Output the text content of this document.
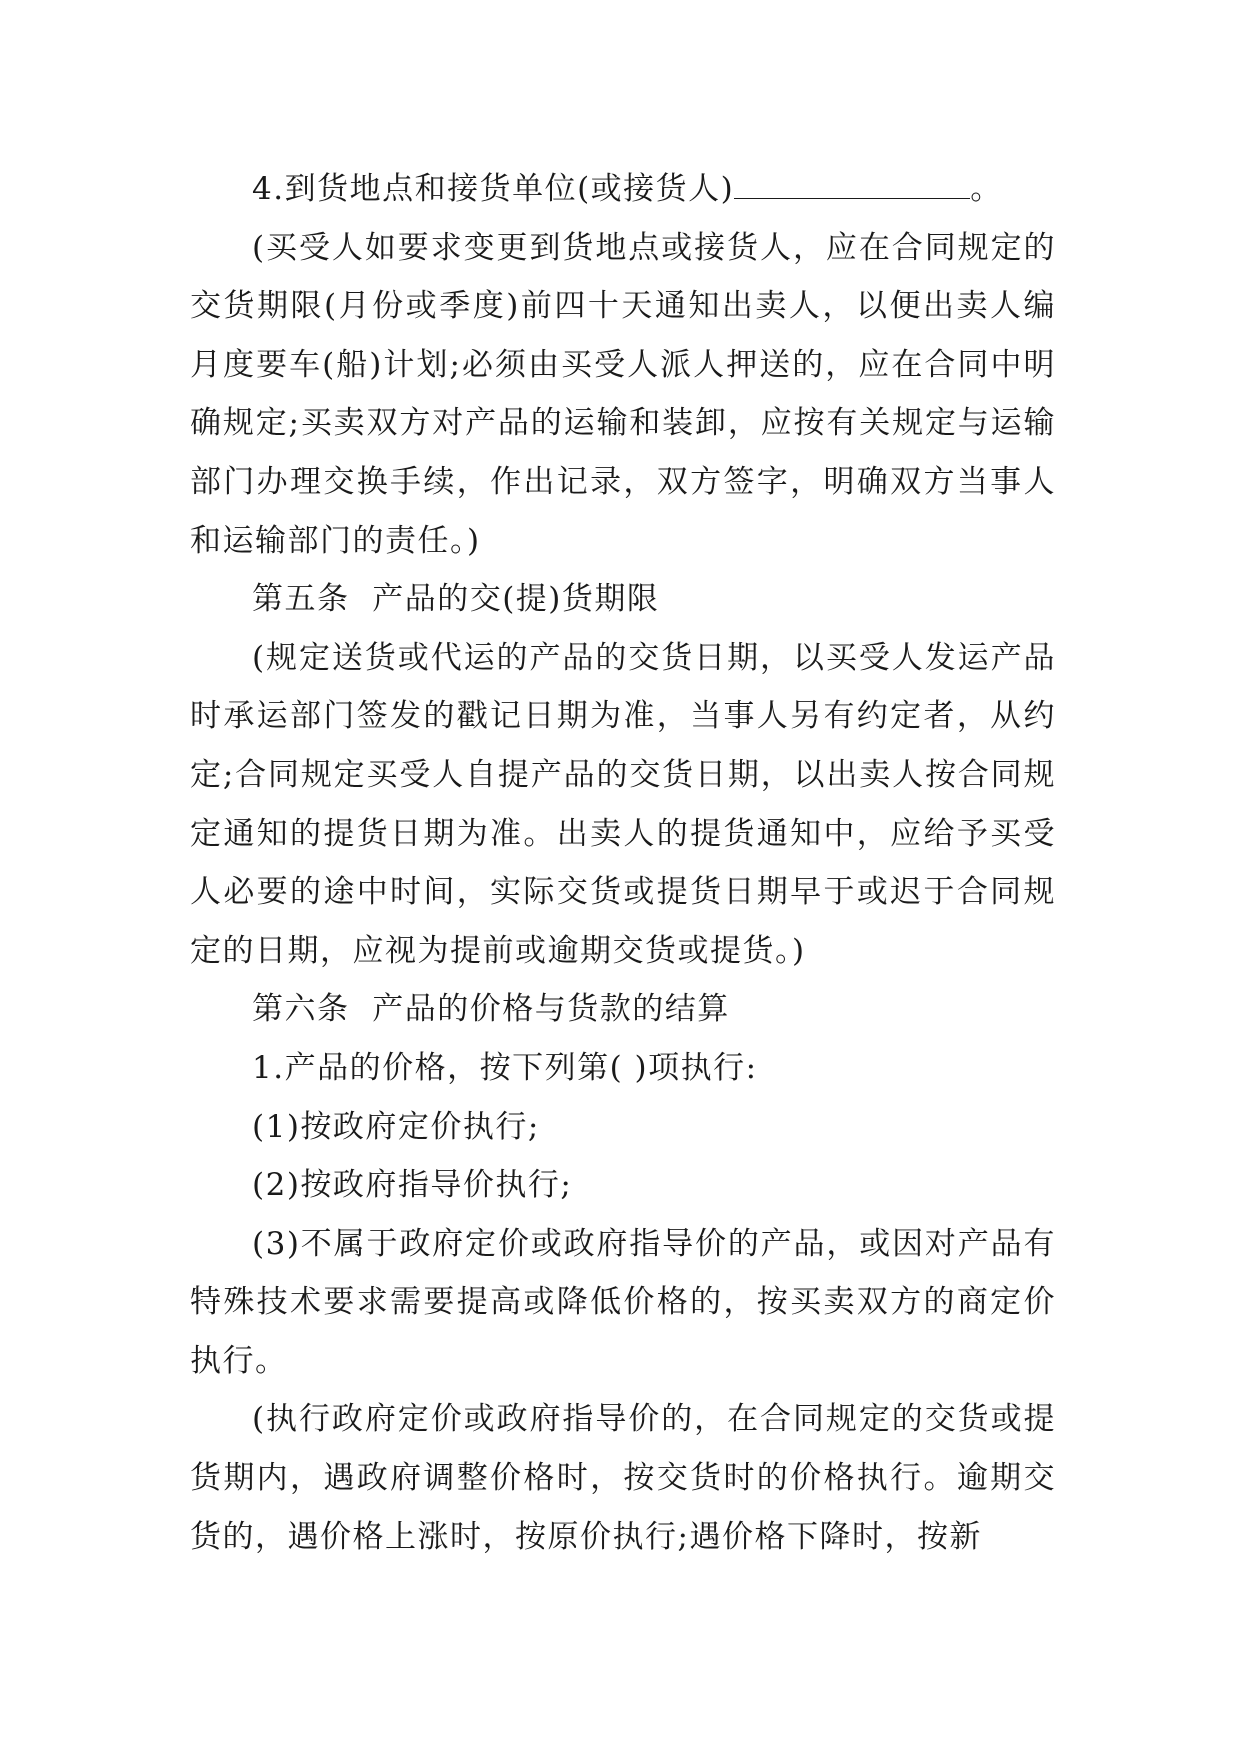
4.到货地点和接货单位(或接货人)	。

(买受人如要求变更到货地点或接货人，应在合同规定的交货期限(月份或季度)前四十天通知出卖人，以便出卖人编月度要车(船)计划;必须由买受人派人押送的，应在合同中明确规定;买卖双方对产品的运输和装卸，应按有关规定与运输部门办理交换手续，作出记录，双方签字，明确双方当事人和运输部门的责任。)

第五条  产品的交(提)货期限

(规定送货或代运的产品的交货日期，以买受人发运产品时承运部门签发的戳记日期为准，当事人另有约定者，从约定;合同规定买受人自提产品的交货日期，以出卖人按合同规定通知的提货日期为准。出卖人的提货通知中，应给予买受人必要的途中时间，实际交货或提货日期早于或迟于合同规定的日期，应视为提前或逾期交货或提货。)

第六条  产品的价格与货款的结算

1.产品的价格，按下列第( )项执行:

(1)按政府定价执行;

(2)按政府指导价执行;

(3)不属于政府定价或政府指导价的产品，或因对产品有特殊技术要求需要提高或降低价格的，按买卖双方的商定价执行。

(执行政府定价或政府指导价的，在合同规定的交货或提货期内，遇政府调整价格时，按交货时的价格执行。逾期交货的，遇价格上涨时，按原价执行;遇价格下降时，按新
